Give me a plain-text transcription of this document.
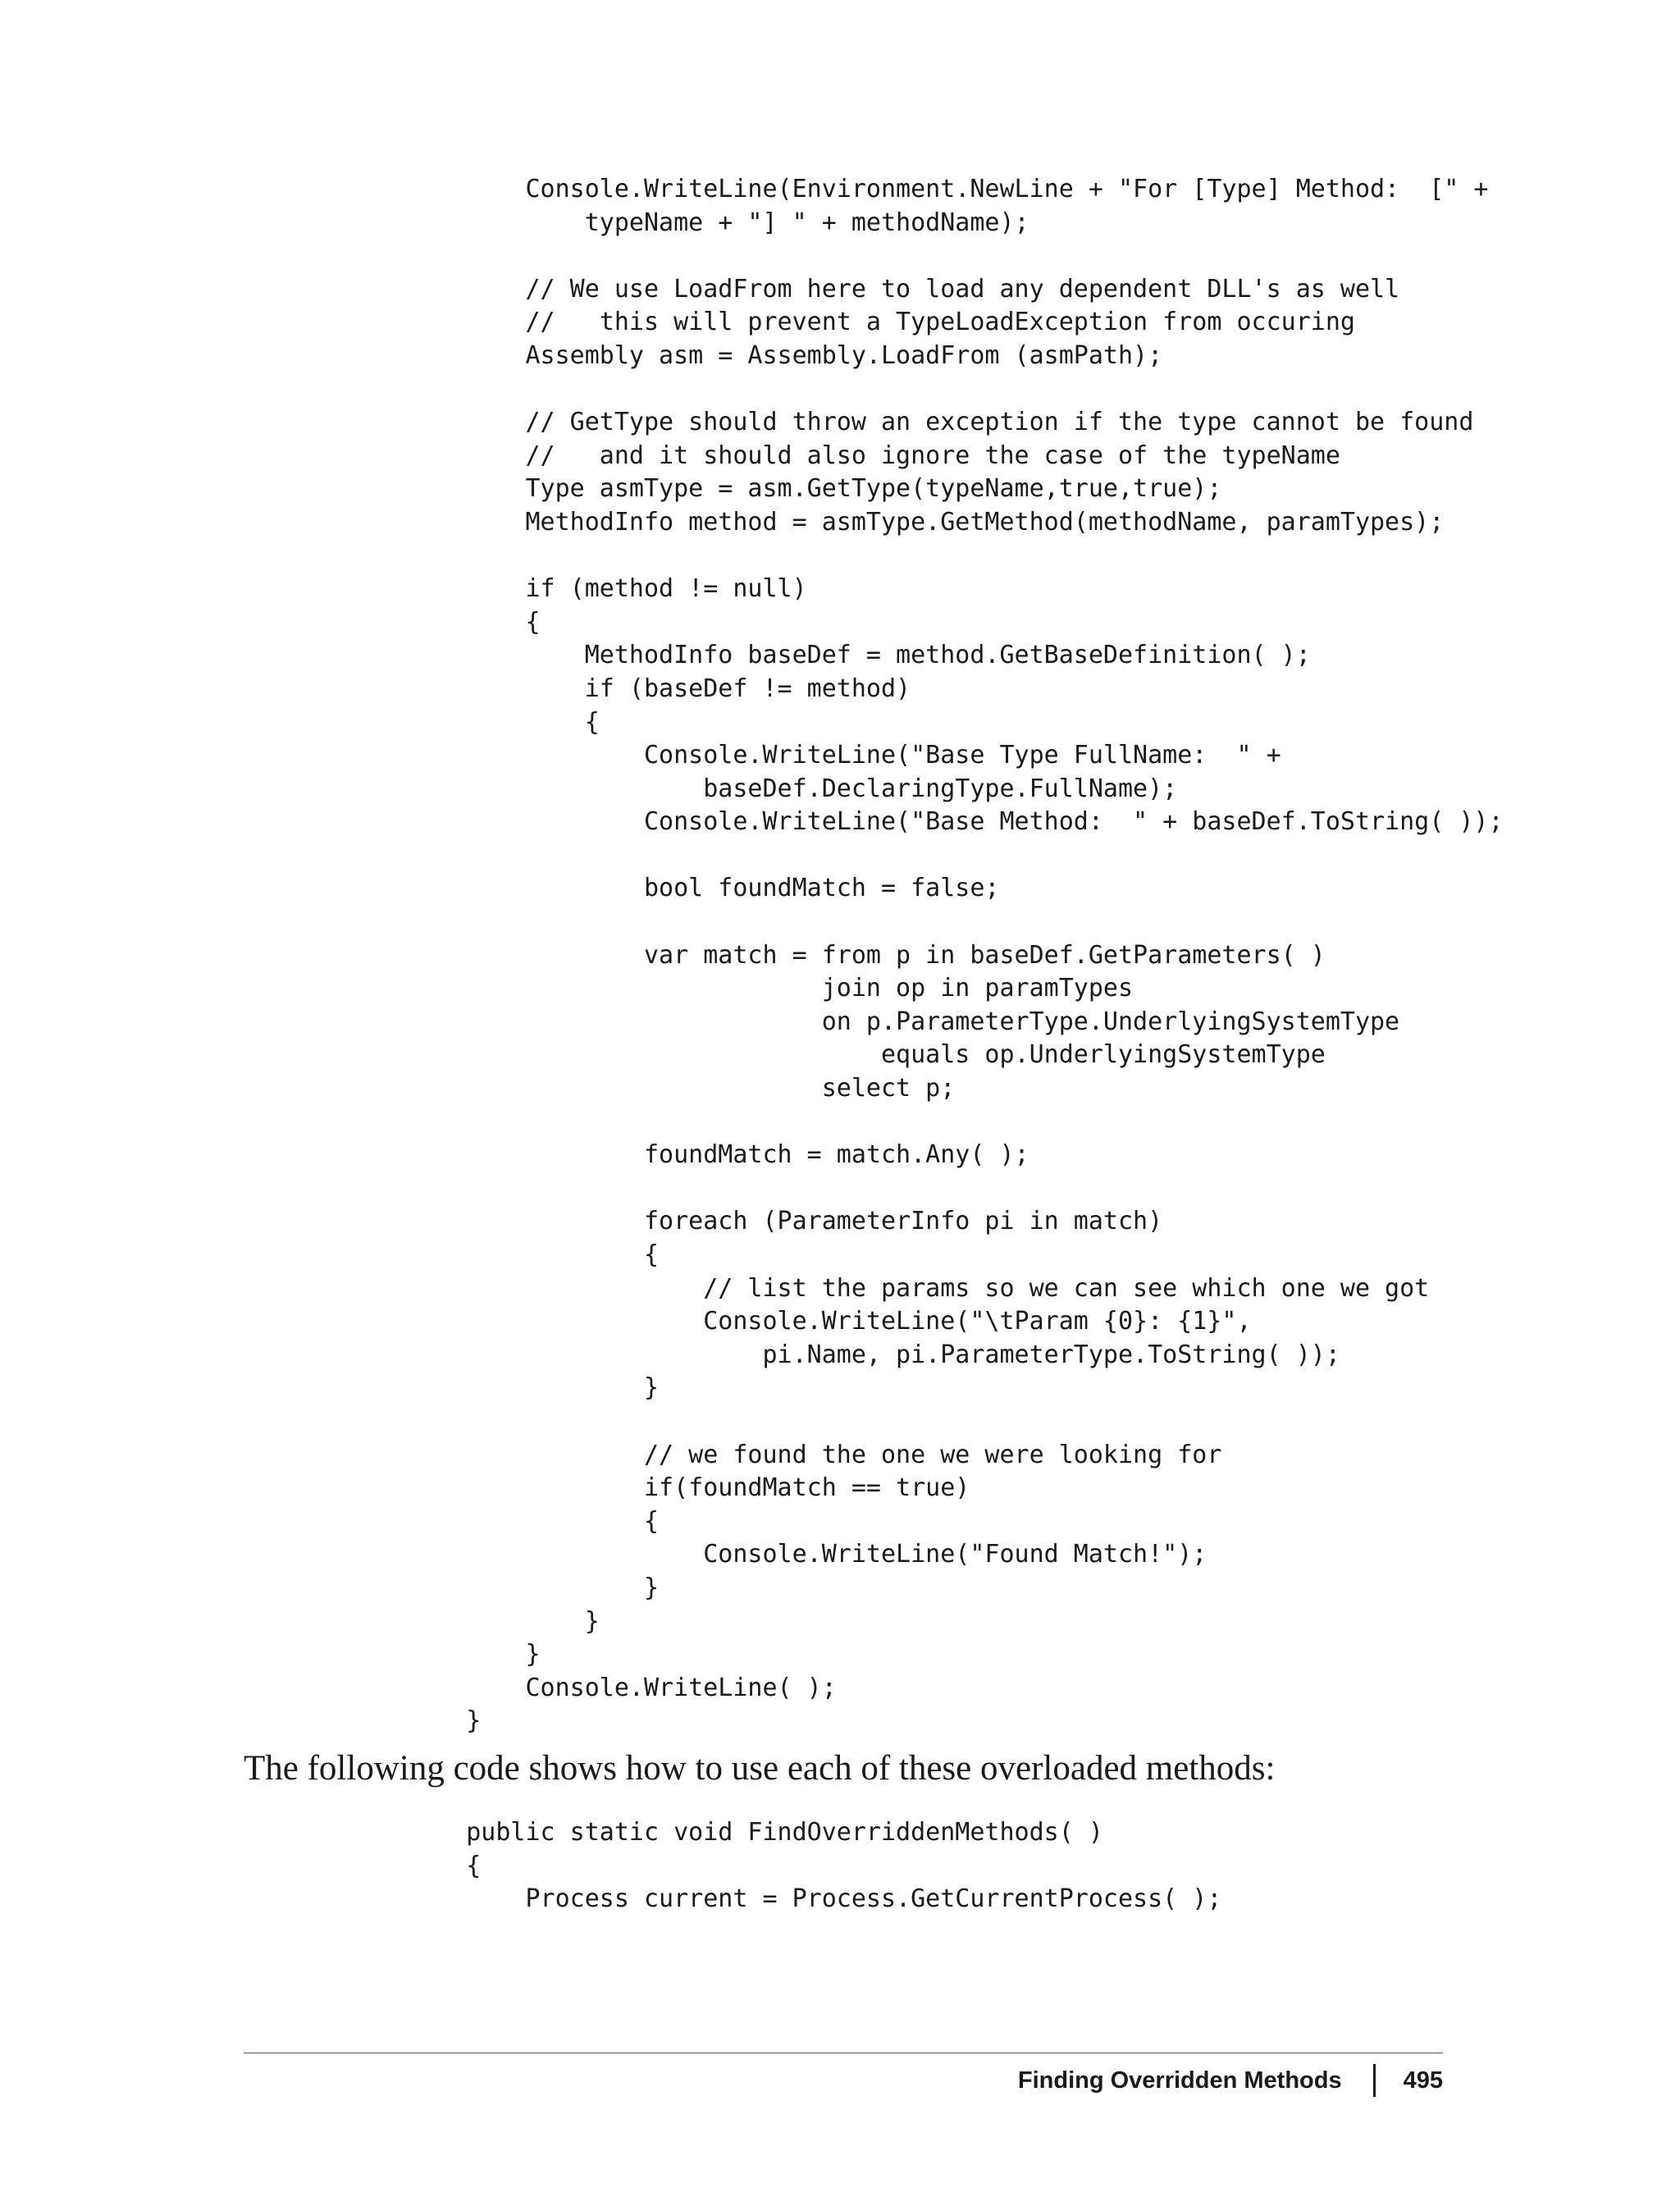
Console.WriteLine(Environment.NewLine + "For [Type] Method:  [" +
typeName + "] " + methodName);

// We use LoadFrom here to load any dependent DLL's as well
//   this will prevent a TypeLoadException from occuring
Assembly asm = Assembly.LoadFrom (asmPath);

// GetType should throw an exception if the type cannot be found
//   and it should also ignore the case of the typeName
Type asmType = asm.GetType(typeName,true,true);
MethodInfo method = asmType.GetMethod(methodName, paramTypes);

if (method != null)
{
MethodInfo baseDef = method.GetBaseDefinition( );
if (baseDef != method)
{
Console.WriteLine("Base Type FullName:  " +
baseDef.DeclaringType.FullName);
Console.WriteLine("Base Method:  " + baseDef.ToString( ));

bool foundMatch = false;

var match = from p in baseDef.GetParameters( )
join op in paramTypes
on p.ParameterType.UnderlyingSystemType
equals op.UnderlyingSystemType
select p;

foundMatch = match.Any( );

foreach (ParameterInfo pi in match)
{
// list the params so we can see which one we got
Console.WriteLine("\tParam {0}: {1}",
pi.Name, pi.ParameterType.ToString( ));
}

// we found the one we were looking for
if(foundMatch == true)
{
Console.WriteLine("Found Match!");
}
}
}
Console.WriteLine( );
}

The following code shows how to use each of these overloaded methods:

public static void FindOverriddenMethods( )
{
Process current = Process.GetCurrentProcess( );
Finding Overridden Methods	495
